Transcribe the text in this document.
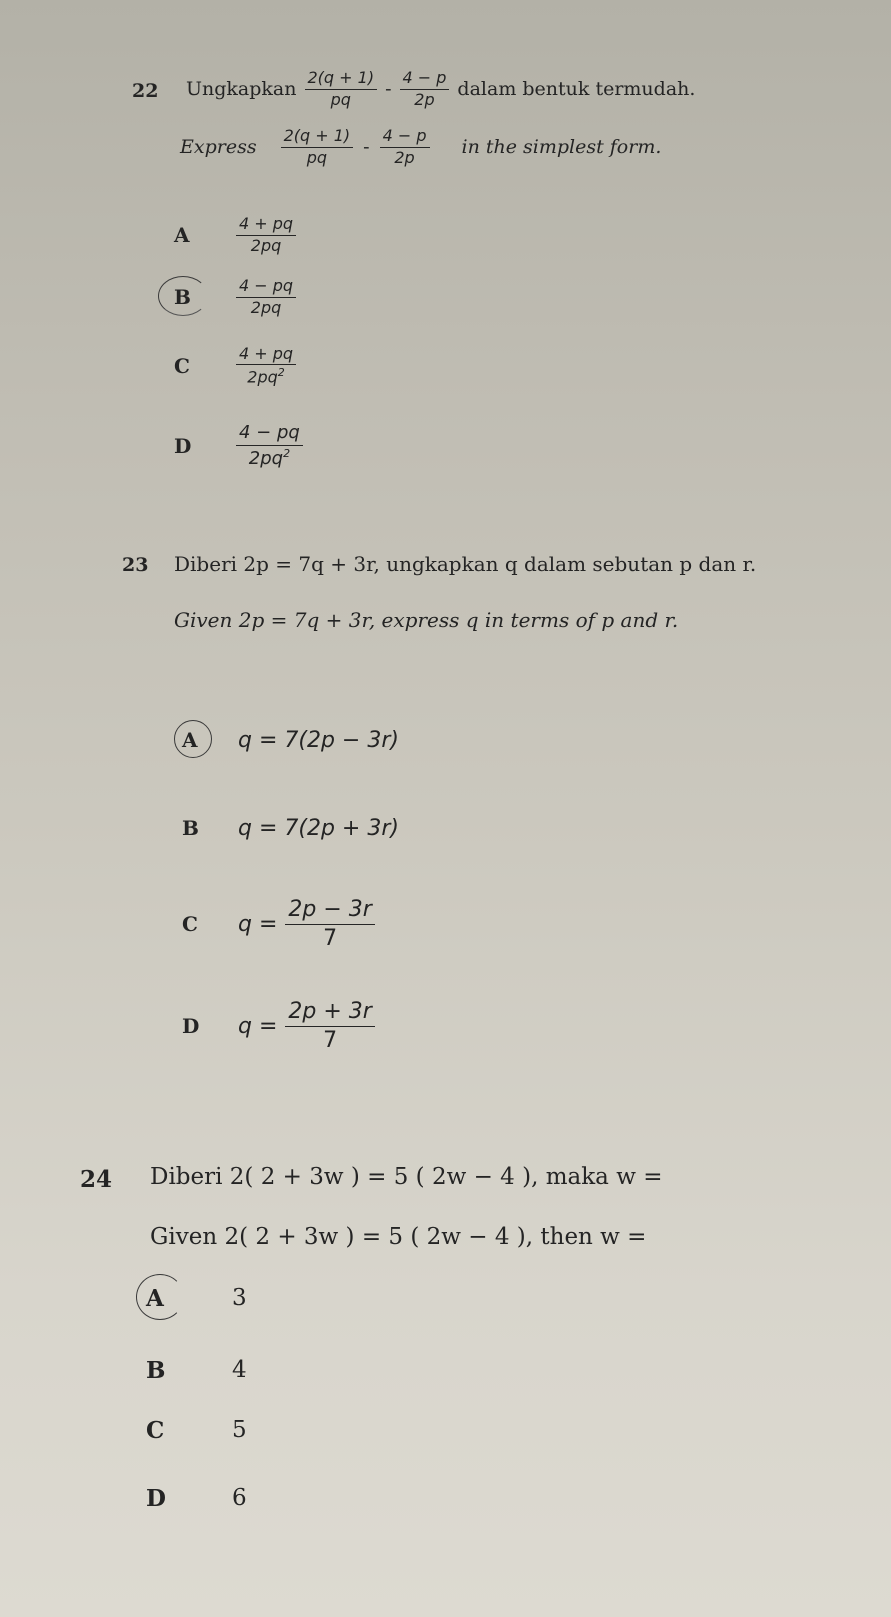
22 Ungkapkan $\frac{2(q + 1)}{pq} - \frac{4 - p}{2p}$ dalam bentuk termudah.
Express $\frac{2(q + 1)}{pq} - \frac{4 - p}{2p}$ in the simplest form.
A	$\frac{4 + pq}{2pq}$
B	$\frac{4 - pq}{2pq}$
C	$\frac{4 + pq}{2pq^2}$
D	$\frac{4 - pq}{2pq^2}$
23 Diberi 2p = 7q + 3r, ungkapkan q dalam sebutan p dan r.
Given 2p = 7q + 3r, express q in terms of p and r.
A	q = 7(2p − 3r)
B	q = 7(2p + 3r)
C	$q = \frac{2p - 3r}{7}$
D	$q = \frac{2p + 3r}{7}$
24 Diberi 2( 2 + 3w ) = 5 ( 2w − 4 ), maka w =
Given 2( 2 + 3w ) = 5 ( 2w − 4 ), then w =
A	3
B	4
C	5
D	6
